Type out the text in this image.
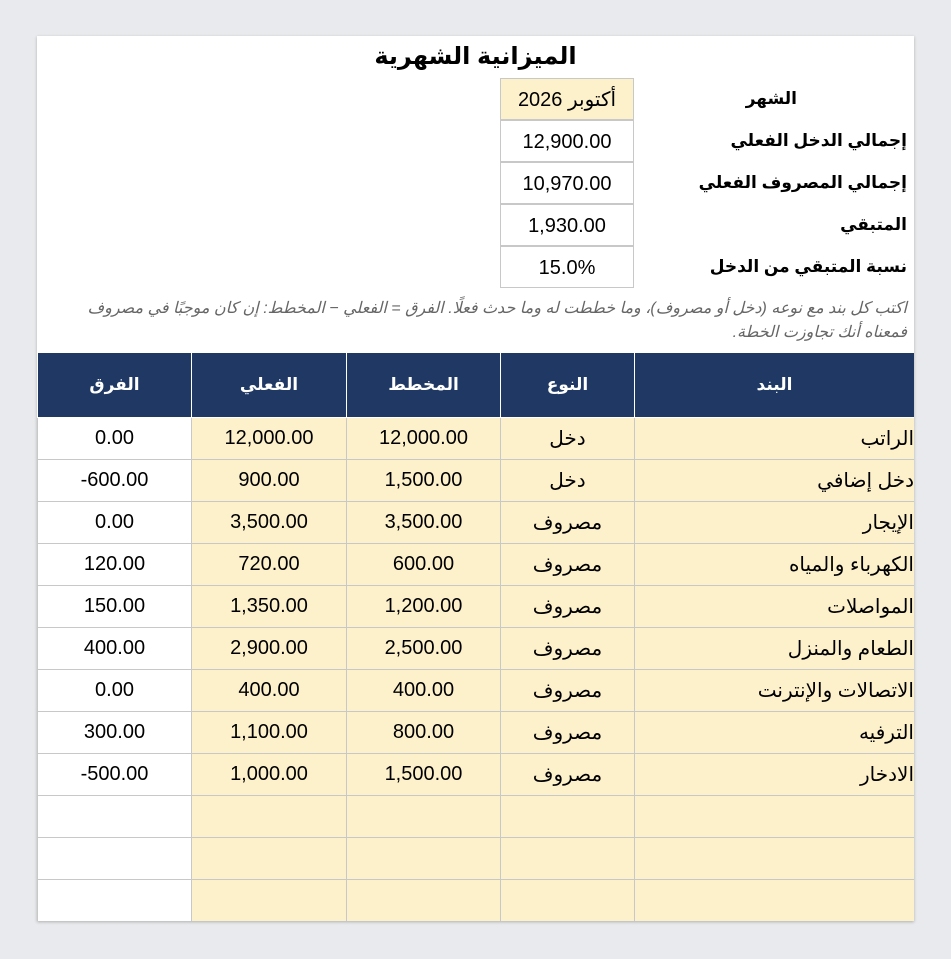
الميزانية الشهرية
أكتوبر 2026	الشهر
12,900.00	إجمالي الدخل الفعلي
10,970.00	إجمالي المصروف الفعلي
1,930.00	المتبقي
15.0%	نسبة المتبقي من الدخل
اكتب كل بند مع نوعه (دخل أو مصروف)، وما خططت له وما حدث فعلًا. الفرق = الفعلي − المخطط: إن كان موجبًا في مصروف فمعناه أنك تجاوزت الخطة.
الفرق	الفعلي	المخطط	النوع	البند
0.00	12,000.00	12,000.00	دخل	الراتب
-600.00	900.00	1,500.00	دخل	دخل إضافي
0.00	3,500.00	3,500.00	مصروف	الإيجار
120.00	720.00	600.00	مصروف	الكهرباء والمياه
150.00	1,350.00	1,200.00	مصروف	المواصلات
400.00	2,900.00	2,500.00	مصروف	الطعام والمنزل
0.00	400.00	400.00	مصروف	الاتصالات والإنترنت
300.00	1,100.00	800.00	مصروف	الترفيه
-500.00	1,000.00	1,500.00	مصروف	الادخار
